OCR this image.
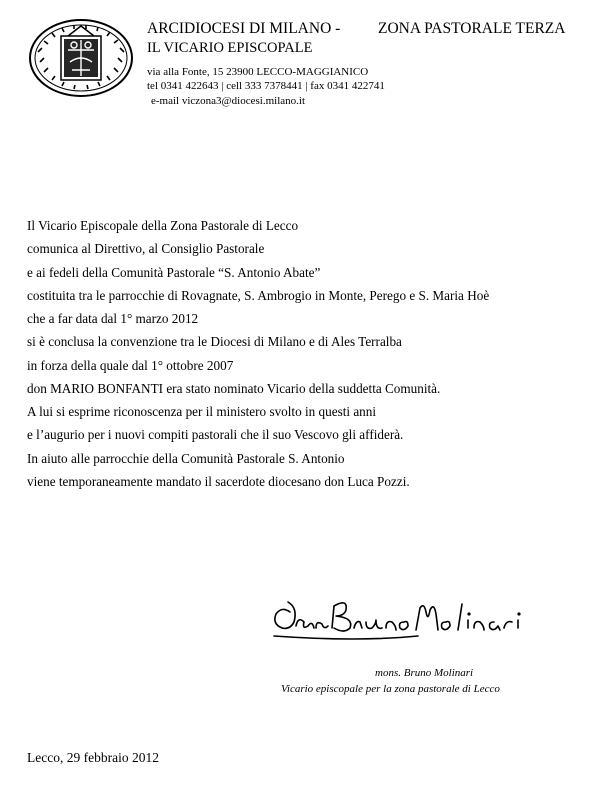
ARCIDIOCESI DI MILANO - ZONA PASTORALE TERZA
IL VICARIO EPISCOPALE
via alla Fonte, 15 23900 LECCO-MAGGIANICO
tel 0341 422643 | cell 333 7378441 | fax 0341 422741
e-mail viczona3@diocesi.milano.it
Il Vicario Episcopale della Zona Pastorale di Lecco
comunica al Direttivo, al Consiglio Pastorale
e ai fedeli della Comunità Pastorale “S. Antonio Abate”
costituita tra le parrocchie di Rovagnate, S. Ambrogio in Monte, Perego e S. Maria Hoè
che a far data dal 1° marzo 2012
si è conclusa la convenzione tra le Diocesi di Milano e di Ales Terralba
in forza della quale dal 1° ottobre 2007
don MARIO BONFANTI era stato nominato Vicario della suddetta Comunità.
A lui si esprime riconoscenza per il ministero svolto in questi anni
e l’augurio per i nuovi compiti pastorali che il suo Vescovo gli affiderà.
In aiuto alle parrocchie della Comunità Pastorale S. Antonio
viene temporaneamente mandato il sacerdote diocesano don Luca Pozzi.
mons. Bruno Molinari
Vicario episcopale per la zona pastorale di Lecco
Lecco, 29 febbraio 2012
